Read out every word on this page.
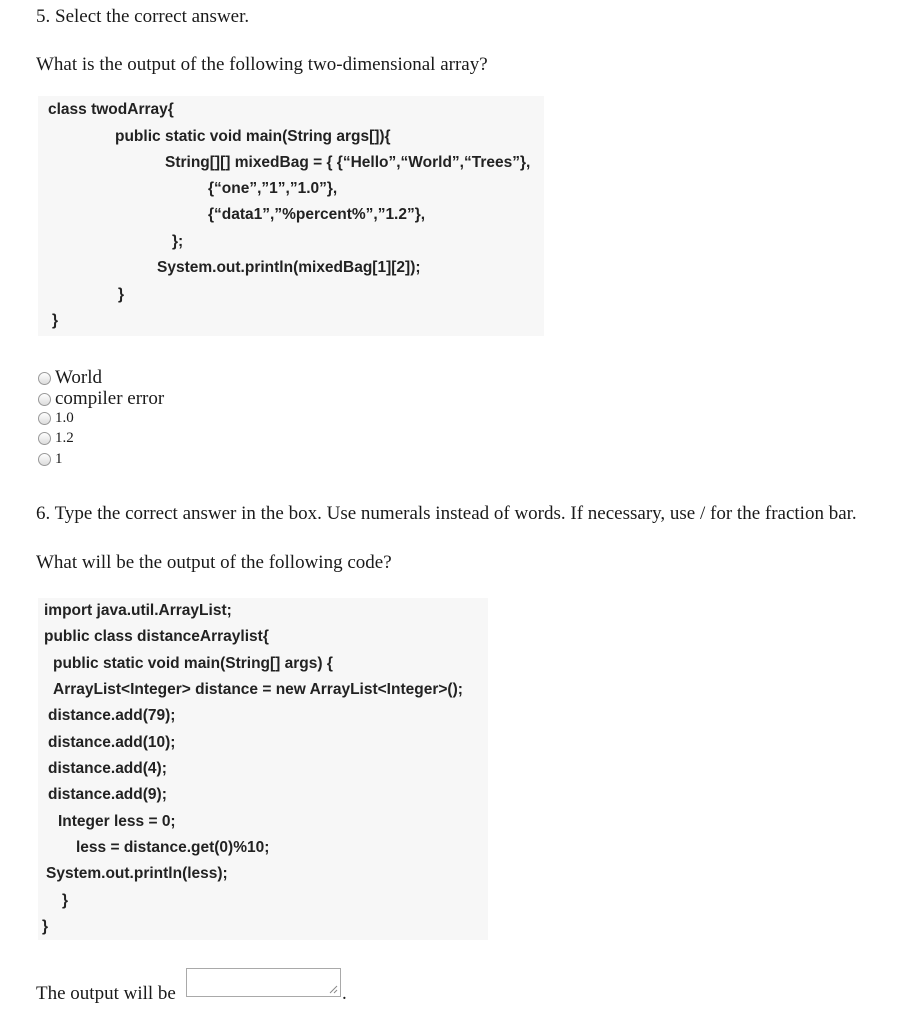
5. Select the correct answer.
What is the output of the following two-dimensional array?
class twodArray{
public static void main(String args[]){
String[][] mixedBag = { {“Hello”,“World”,“Trees”},
{“one”,”1”,”1.0”},
{“data1”,”%percent%”,”1.2”},
};
System.out.println(mixedBag[1][2]);
}
}
World
compiler error
1.0
1.2
1
6. Type the correct answer in the box. Use numerals instead of words. If necessary, use / for the fraction bar.
What will be the output of the following code?
import java.util.ArrayList;
public class distanceArraylist{
public static void main(String[] args) {
ArrayList<Integer> distance = new ArrayList<Integer>();
distance.add(79);
distance.add(10);
distance.add(4);
distance.add(9);
Integer less = 0;
less = distance.get(0)%10;
System.out.println(less);
}
}
The output will be	.
